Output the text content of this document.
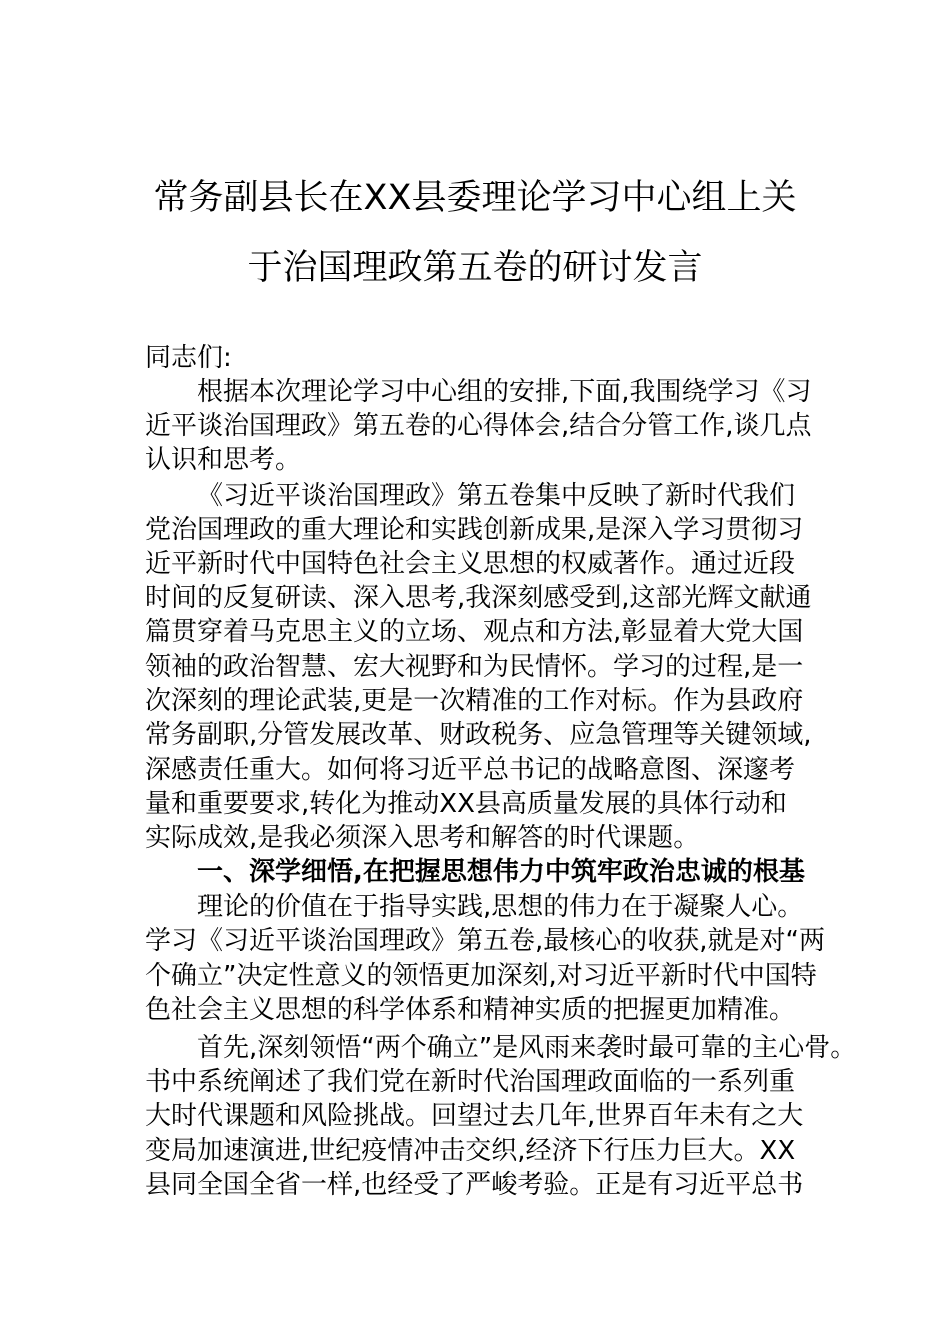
常务副县长在XX县委理论学习中心组上关
于治国理政第五卷的研讨发言
同志们:
根据本次理论学习中心组的安排,下面,我围绕学习《习
近平谈治国理政》第五卷的心得体会,结合分管工作,谈几点
认识和思考。
《习近平谈治国理政》第五卷集中反映了新时代我们
党治国理政的重大理论和实践创新成果,是深入学习贯彻习
近平新时代中国特色社会主义思想的权威著作。通过近段
时间的反复研读、深入思考,我深刻感受到,这部光辉文献通
篇贯穿着马克思主义的立场、观点和方法,彰显着大党大国
领袖的政治智慧、宏大视野和为民情怀。学习的过程,是一
次深刻的理论武装,更是一次精准的工作对标。作为县政府
常务副职,分管发展改革、财政税务、应急管理等关键领域,
深感责任重大。如何将习近平总书记的战略意图、深邃考
量和重要要求,转化为推动XX县高质量发展的具体行动和
实际成效,是我必须深入思考和解答的时代课题。
一、深学细悟,在把握思想伟力中筑牢政治忠诚的根基
理论的价值在于指导实践,思想的伟力在于凝聚人心。
学习《习近平谈治国理政》第五卷,最核心的收获,就是对“两
个确立”决定性意义的领悟更加深刻,对习近平新时代中国特
色社会主义思想的科学体系和精神实质的把握更加精准。
首先,深刻领悟“两个确立”是风雨来袭时最可靠的主心骨。
书中系统阐述了我们党在新时代治国理政面临的一系列重
大时代课题和风险挑战。回望过去几年,世界百年未有之大
变局加速演进,世纪疫情冲击交织,经济下行压力巨大。XX
县同全国全省一样,也经受了严峻考验。正是有习近平总书
